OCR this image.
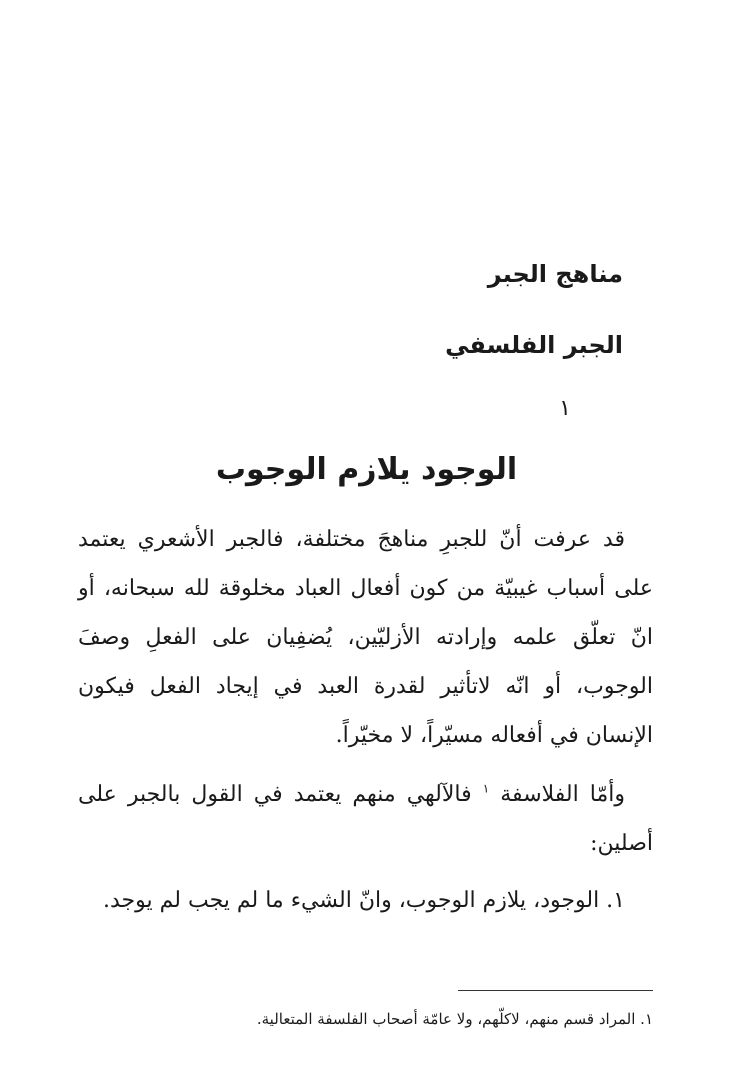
مناهج الجبر
الجبر الفلسفي
١
الوجود يلازم الوجوب

قد عرفت أنّ للجبرِ مناهجَ مختلفة، فالجبر الأشعري يعتمد على أسباب غيبيّة من كون أفعال العباد مخلوقة لله سبحانه، أو انّ تعلّق علمه وإرادته الأزليّين، يُضفِيان على الفعلِ وصفَ الوجوب، أو انّه لاتأثير لقدرة العبد في إيجاد الفعل فيكون الإنسان في أفعاله مسيّراً، لا مخيّراً.

وأمّا الفلاسفة $^١$ فالآلهي منهم يعتمد في القول بالجبر على أصلين:

١. الوجود، يلازم الوجوب، وانّ الشيء ما لم يجب لم يوجد.

١. المراد قسم منهم، لاكلّهم، ولا عامّة أصحاب الفلسفة المتعالية.
